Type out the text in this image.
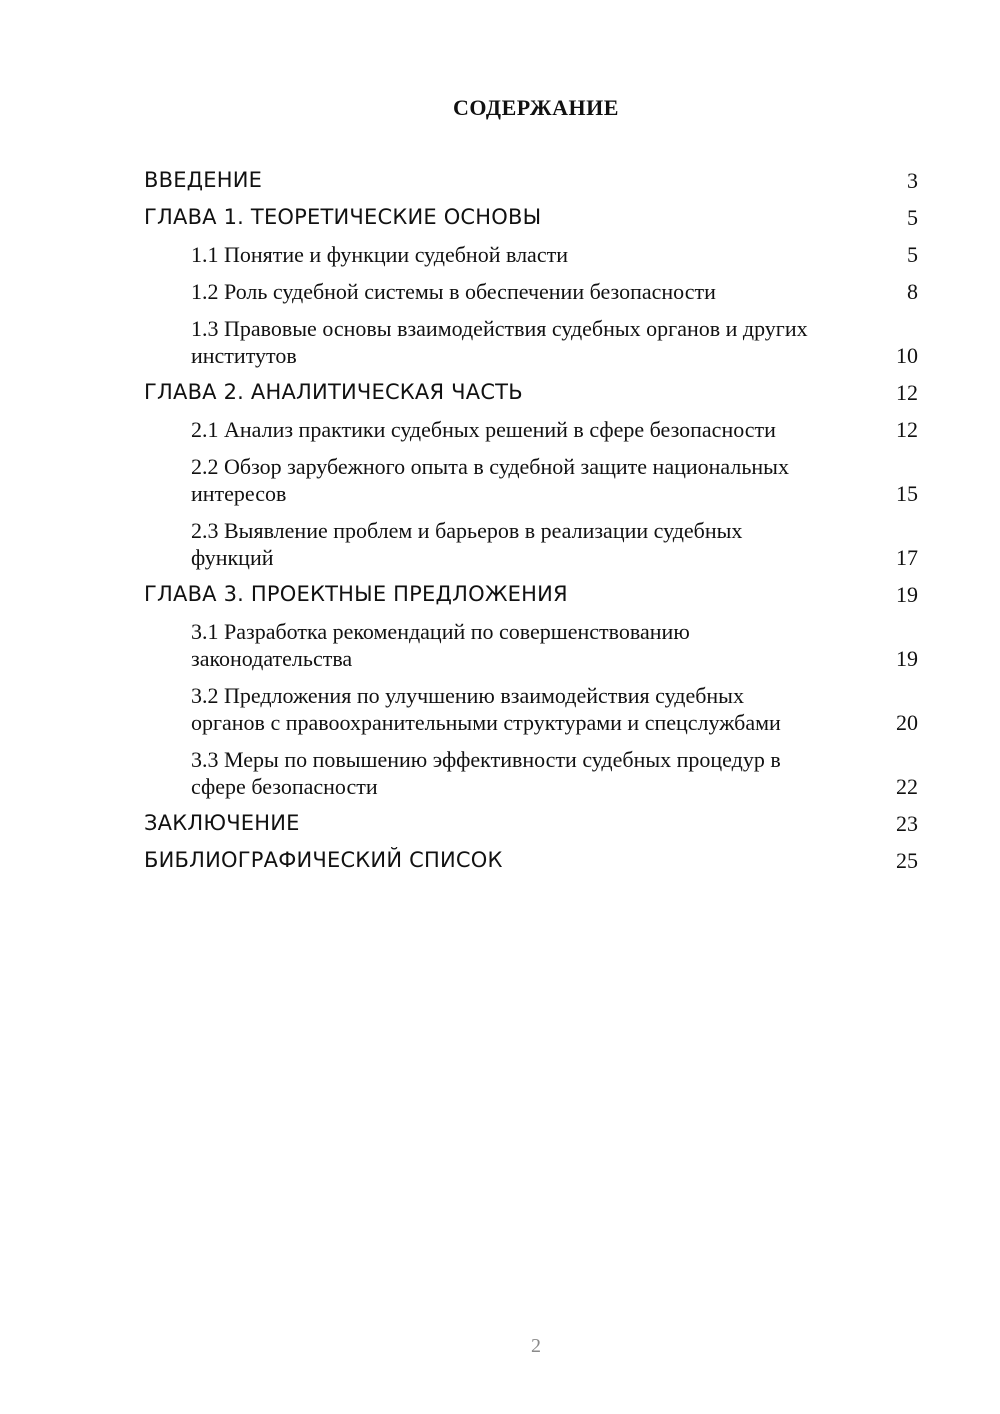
СОДЕРЖАНИЕ
ВВЕДЕНИЕ	3
ГЛАВА 1. ТЕОРЕТИЧЕСКИЕ ОСНОВЫ	5
1.1 Понятие и функции судебной власти	5
1.2 Роль судебной системы в обеспечении безопасности	8
1.3 Правовые основы взаимодействия судебных органов и других институтов	10
ГЛАВА 2. АНАЛИТИЧЕСКАЯ ЧАСТЬ	12
2.1 Анализ практики судебных решений в сфере безопасности	12
2.2 Обзор зарубежного опыта в судебной защите национальных интересов	15
2.3 Выявление проблем и барьеров в реализации судебных функций	17
ГЛАВА 3. ПРОЕКТНЫЕ ПРЕДЛОЖЕНИЯ	19
3.1 Разработка рекомендаций по совершенствованию законодательства	19
3.2 Предложения по улучшению взаимодействия судебных органов с правоохранительными структурами и спецслужбами	20
3.3 Меры по повышению эффективности судебных процедур в сфере безопасности	22
ЗАКЛЮЧЕНИЕ	23
БИБЛИОГРАФИЧЕСКИЙ СПИСОК	25
2
